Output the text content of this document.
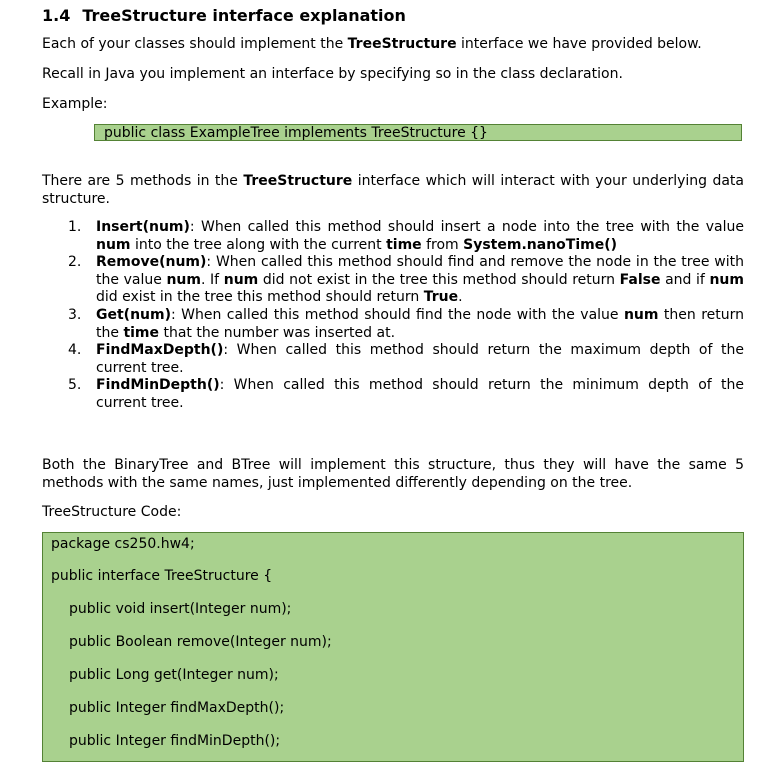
1.4 TreeStructure interface explanation
Each of your classes should implement the TreeStructure interface we have provided below.
Recall in Java you implement an interface by specifying so in the class declaration.
Example:
public class ExampleTree implements TreeStructure {}
There are 5 methods in the TreeStructure interface which will interact with your underlying data structure.
1. Insert(num): When called this method should insert a node into the tree with the value num into the tree along with the current time from System.nanoTime()
2. Remove(num): When called this method should find and remove the node in the tree with the value num. If num did not exist in the tree this method should return False and if num did exist in the tree this method should return True.
3. Get(num): When called this method should find the node with the value num then return the time that the number was inserted at.
4. FindMaxDepth(): When called this method should return the maximum depth of the current tree.
5. FindMinDepth(): When called this method should return the minimum depth of the current tree.
Both the BinaryTree and BTree will implement this structure, thus they will have the same 5 methods with the same names, just implemented differently depending on the tree.
TreeStructure Code:
package cs250.hw4;
public interface TreeStructure {
public void insert(Integer num);
public Boolean remove(Integer num);
public Long get(Integer num);
public Integer findMaxDepth();
public Integer findMinDepth();
